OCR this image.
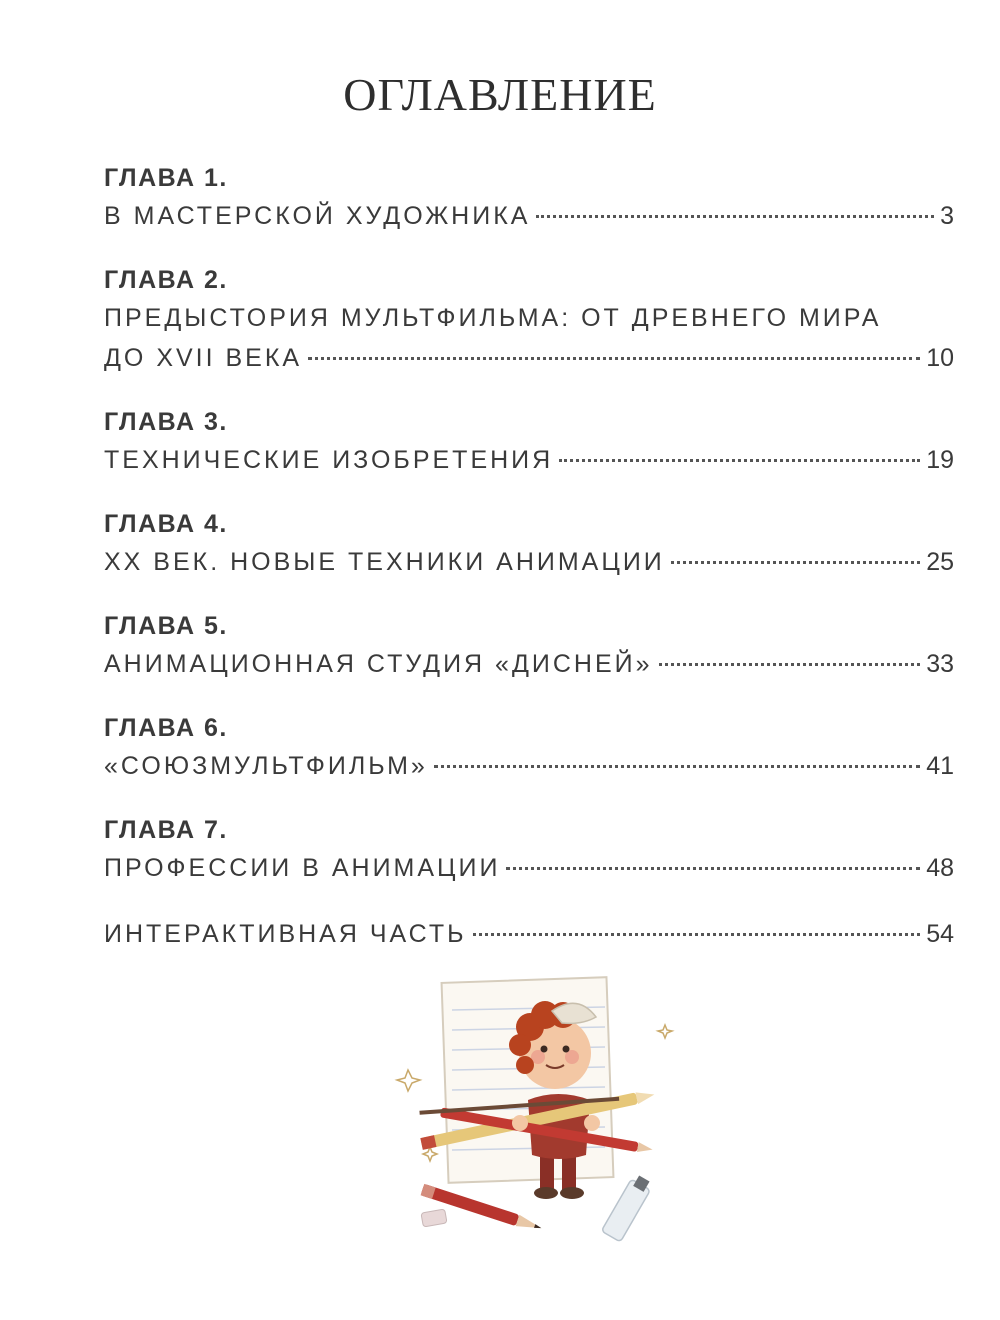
ОГЛАВЛЕНИЕ
ГЛАВА 1.
В МАСТЕРСКОЙ ХУДОЖНИКА	3
ГЛАВА 2.
ПРЕДЫСТОРИЯ МУЛЬТФИЛЬМА: ОТ ДРЕВНЕГО МИРА
ДО XVII ВЕКА	10
ГЛАВА 3.
ТЕХНИЧЕСКИЕ ИЗОБРЕТЕНИЯ	19
ГЛАВА 4.
XX ВЕК. НОВЫЕ ТЕХНИКИ АНИМАЦИИ	25
ГЛАВА 5.
АНИМАЦИОННАЯ СТУДИЯ «ДИСНЕЙ»	33
ГЛАВА 6.
«СОЮЗМУЛЬТФИЛЬМ»	41
ГЛАВА 7.
ПРОФЕССИИ В АНИМАЦИИ	48
ИНТЕРАКТИВНАЯ ЧАСТЬ	54
